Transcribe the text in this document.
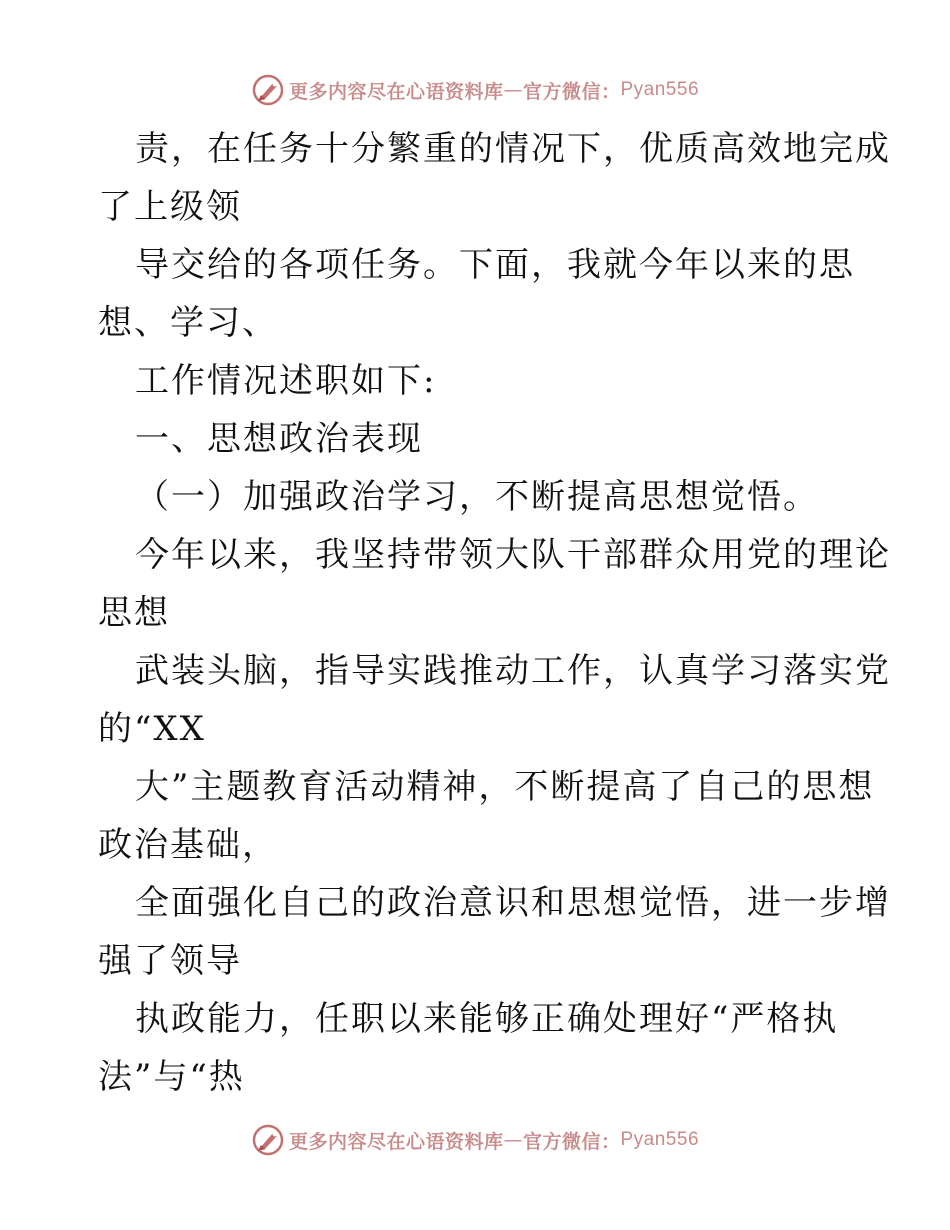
更多内容尽在心语资料库 — 官方微信： Pyan556
责，在任务十分繁重的情况下，优质高效地完成
了上级领
导交给的各项任务。下面，我就今年以来的思
想、学习、
工作情况述职如下:
一、思想政治表现
（一）加强政治学习，不断提高思想觉悟。
今年以来，我坚持带领大队干部群众用党的理论
思想
武装头脑，指导实践推动工作，认真学习落实党
的“XX
大”主题教育活动精神，不断提高了自己的思想
政治基础，
全面强化自己的政治意识和思想觉悟，进一步增
强了领导
执政能力，任职以来能够正确处理好“严格执
法”与“热
更多内容尽在心语资料库 — 官方微信： Pyan556
